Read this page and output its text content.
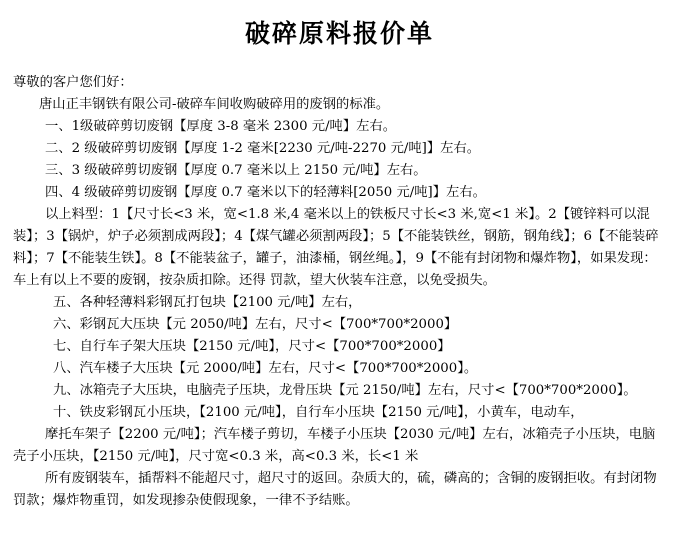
破碎原料报价单

尊敬的客户您们好：

唐山正丰钢铁有限公司-破碎车间收购破碎用的废钢的标准。

一、1级破碎剪切废钢【厚度 3-8 毫米 2300 元/吨】左右。

二、2 级破碎剪切废钢【厚度 1-2 毫米[2230 元/吨-2270 元/吨]】左右。

三、3 级破碎剪切废钢【厚度 0.7 毫米以上 2150 元/吨】左右。

四、4 级破碎剪切废钢【厚度 0.7 毫米以下的轻薄料[2050 元/吨]】左右。

以上料型：1【尺寸长<3 米，宽<1.8 米,4 毫米以上的铁板尺寸长<3 米,宽<1 米】。2【镀锌料可以混装】；3【锅炉，炉子必须割成两段】；4【煤气罐必须割两段】；5【不能装铁丝，钢筋，钢角线】；6【不能装碎料】；7【不能装生铁】。8【不能装盆子，罐子，油漆桶，钢丝绳。】，9【不能有封闭物和爆炸物】，如果发现：车上有以上不要的废钢，按杂质扣除。还得 罚款，望大伙装车注意，以免受损失。

五、各种轻薄料彩钢瓦打包块【2100 元/吨】左右，

六、彩钢瓦大压块【元 2050/吨】左右，尺寸<【700*700*2000】

七、自行车子架大压块【2150 元/吨】，尺寸<【700*700*2000】

八、汽车楼子大压块【元 2000/吨】左右，尺寸<【700*700*2000】。

九、冰箱壳子大压块，电脑壳子压块，龙骨压块【元 2150/吨】左右，尺寸<【700*700*2000】。

十、铁皮彩钢瓦小压块，【2100 元/吨】，自行车小压块【2150 元/吨】，小黄车，电动车，

摩托车架子【2200 元/吨】；汽车楼子剪切，车楼子小压块【2030 元/吨】左右，冰箱壳子小压块，电脑壳子小压块，【2150 元/吨】，尺寸宽<0.3 米，高<0.3 米，长<1 米

所有废钢装车，插帮料不能超尺寸，超尺寸的返回。杂质大的，硫，磷高的；含铜的废钢拒收。有封闭物罚款；爆炸物重罚，如发现掺杂使假现象，一律不予结账。
